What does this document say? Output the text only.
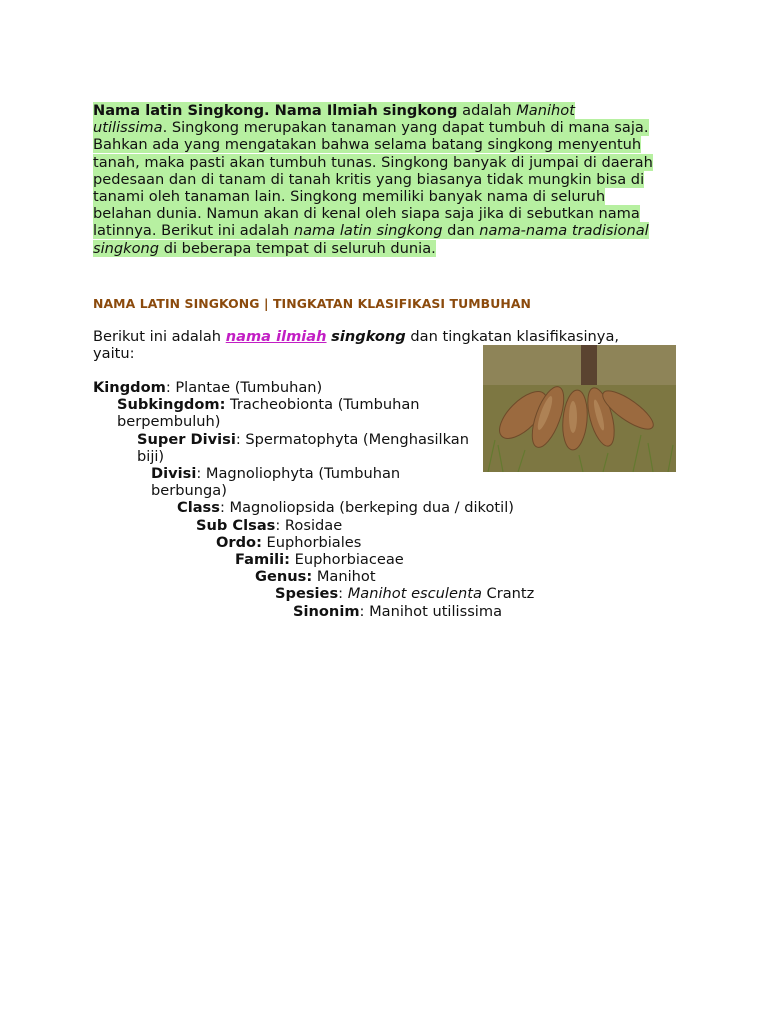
Nama latin Singkong. Nama Ilmiah singkong adalah Manihot utilissima. Singkong merupakan tanaman yang dapat tumbuh di mana saja. Bahkan ada yang mengatakan bahwa selama batang singkong menyentuh tanah, maka pasti akan tumbuh tunas. Singkong banyak di jumpai di daerah pedesaan dan di tanam di tanah kritis yang biasanya tidak mungkin bisa di tanami oleh tanaman lain. Singkong memiliki banyak nama di seluruh belahan dunia. Namun akan di kenal oleh siapa saja jika di sebutkan nama latinnya. Berikut ini adalah nama latin singkong dan nama-nama tradisional singkong di beberapa tempat di seluruh dunia.

NAMA LATIN SINGKONG | TINGKATAN KLASIFIKASI TUMBUHAN

Berikut ini adalah nama ilmiah singkong dan tingkatan klasifikasinya, yaitu:

Kingdom: Plantae (Tumbuhan)
Subkingdom: Tracheobionta (Tumbuhan berpembuluh)
Super Divisi: Spermatophyta (Menghasilkan biji)
Divisi: Magnoliophyta (Tumbuhan berbunga)
Class: Magnoliopsida (berkeping dua / dikotil)
Sub Clsas: Rosidae
Ordo: Euphorbiales
Famili: Euphorbiaceae
Genus: Manihot
Spesies: Manihot esculenta Crantz
Sinonim: Manihot utilissima
